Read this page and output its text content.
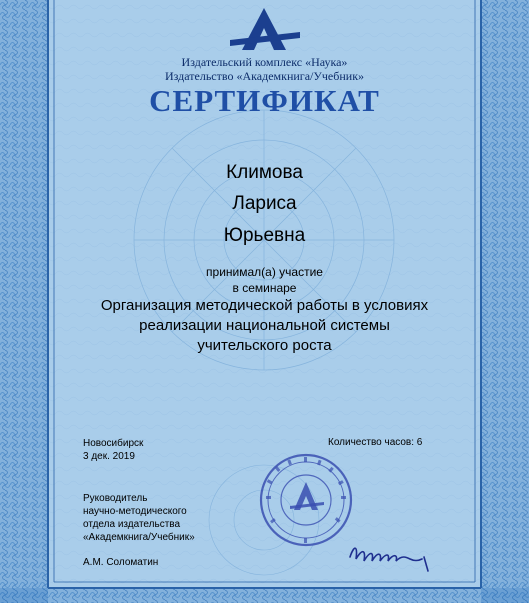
Издательский комплекс «Наука»
Издательство «Академкнига/Учебник»
СЕРТИФИКАТ
Климова
Лариса
Юрьевна
принимал(а) участие
в семинаре
Организация методической работы в условиях
реализации национальной системы
учительского роста
Новосибирск
3 дек. 2019
Количество часов: 6
Руководитель
научно-методического
отдела издательства
«Академкнига/Учебник»
А.М. Соломатин
